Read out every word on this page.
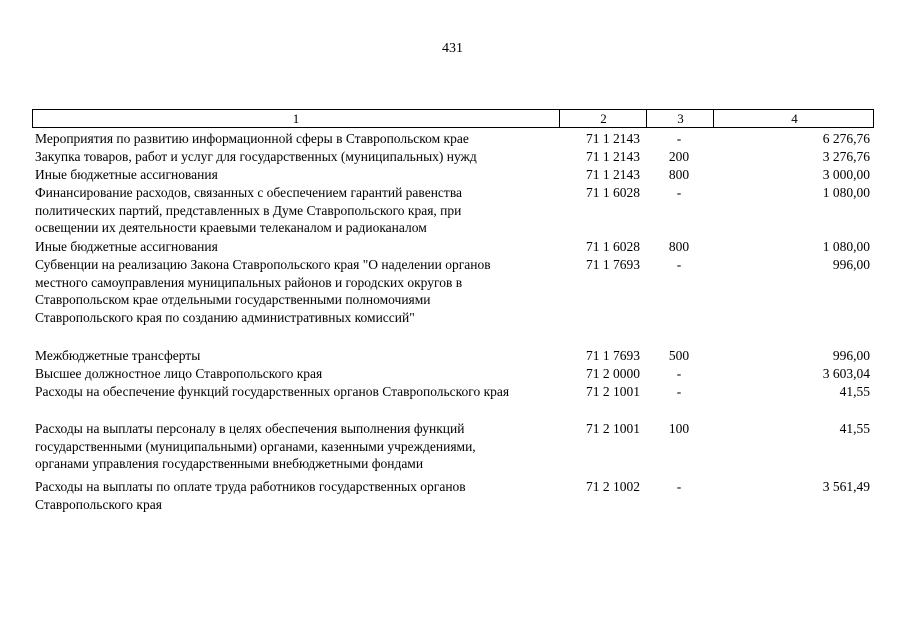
431
1	2	3	4
Мероприятия по развитию информационной сферы в Ставропольском крае	71 1 2143	-	6 276,76
Закупка товаров, работ и услуг для государственных (муниципальных) нужд	71 1 2143	200	3 276,76
Иные бюджетные ассигнования	71 1 2143	800	3 000,00
Финансирование расходов, связанных с обеспечением гарантий равенства
политических партий, представленных в Думе Ставропольского края, при
освещении их деятельности краевыми телеканалом и радиоканалом
71 1 6028	-	1 080,00
Иные бюджетные ассигнования	71 1 6028	800	1 080,00
Субвенции на реализацию Закона Ставропольского края "О наделении органов
местного самоуправления муниципальных районов и городских округов в
Ставропольском крае отдельными государственными полномочиями
Ставропольского края по созданию административных комиссий"
71 1 7693	-	996,00
Межбюджетные трансферты	71 1 7693	500	996,00
Высшее должностное лицо Ставропольского края	71 2 0000	-	3 603,04
Расходы на обеспечение функций государственных органов Ставропольского края	71 2 1001	-	41,55
Расходы на выплаты персоналу в целях обеспечения выполнения функций
государственными (муниципальными) органами, казенными учреждениями,
органами управления государственными внебюджетными фондами
71 2 1001	100	41,55
Расходы на выплаты по оплате труда работников государственных органов
Ставропольского края
71 2 1002	-	3 561,49
